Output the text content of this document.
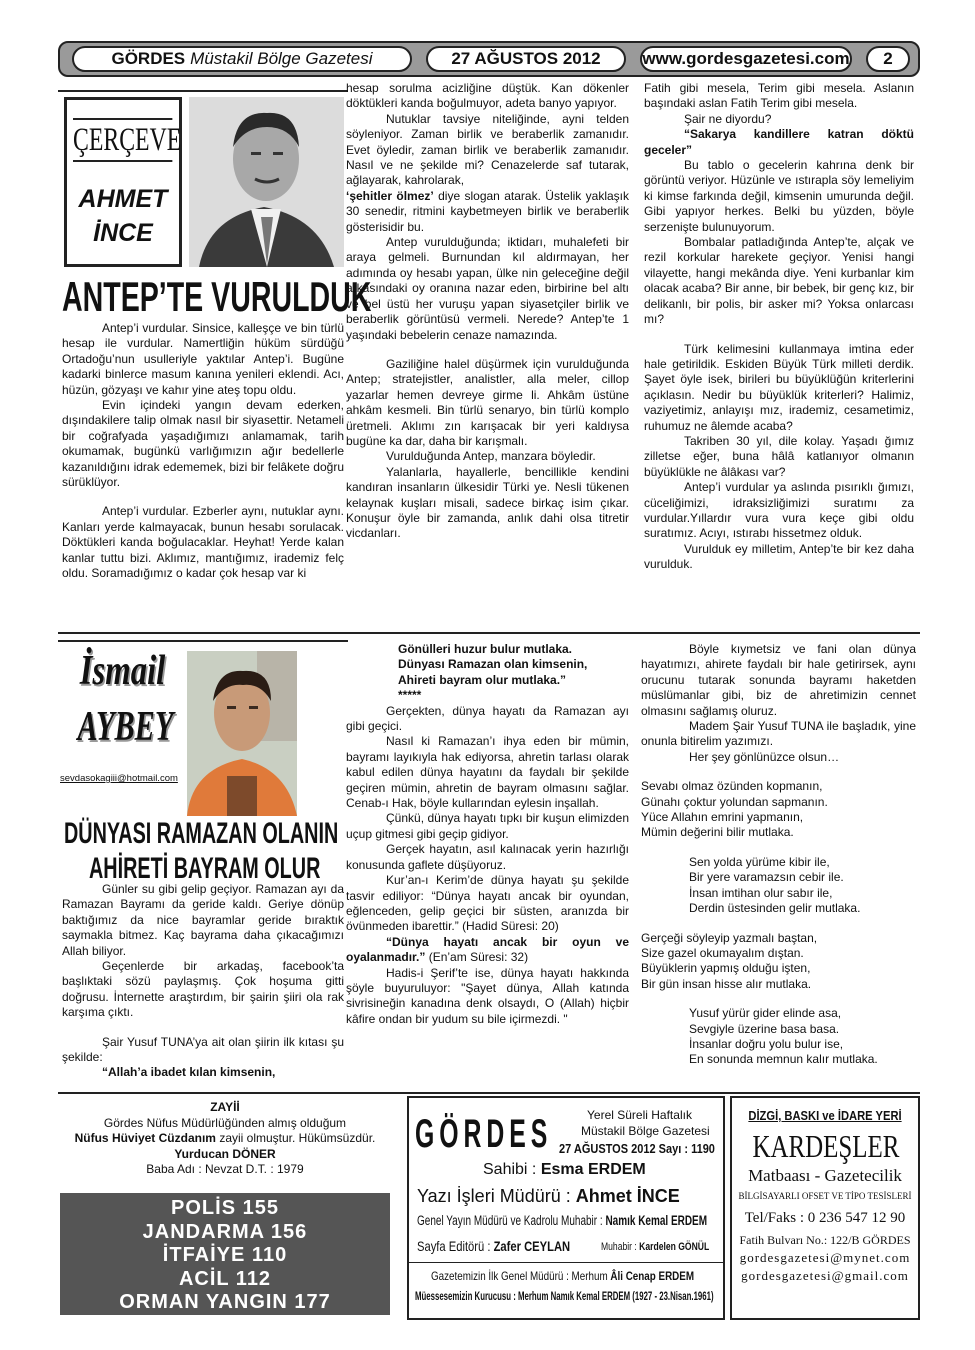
GÖRDES Müstakil Bölge Gazetesi	27 AĞUSTOS 2012 www.gordesgazetesi.com 2
ÇERÇEVE
AHMET
İNCE
ANTEP’TE VURULDUK

Antep’i vurdular. Sinsice, kalleşçe ve bin türlü hesap ile vurdular. Namertliğin hüküm sürdüğü Ortadoğu’nun usulleriyle yaktılar Antep’i. Bugüne kadarki binlerce masum kanına yenileri eklendi. Acı, hüzün, gözyaşı ve kahır yine ateş topu oldu.

Evin içindeki yangın devam ederken, dışındakilere talip olmak nasıl bir siyasettir. Netameli bir coğrafyada yaşadığımızı anlamamak, tarih okumamak, bugünkü varlığımızın ağır bedellerle kazanıldığını idrak edememek, bizi bir felâkete doğru sürüklüyor.

Antep’i vurdular. Ezberler aynı, nutuklar aynı. Kanları yerde kalmayacak, bunun hesabı sorulacak. Döktükleri kanda boğulacaklar. Heyhat! Yerde kalan kanlar tuttu bizi. Aklımız, mantığımız, irademiz felç oldu. Soramadığımız o kadar çok hesap var ki

hesap sorulma acizliğine düştük. Kan dökenler döktükleri kanda boğulmuyor, adeta banyo yapıyor.

Nutuklar tavsiye niteliğinde, ayni telden söyleniyor. Zaman birlik ve beraberlik zamanıdır. Evet öyledir, zaman birlik ve beraberlik zamanıdır. Nasıl ve ne şekilde mi? Cenazelerde saf tutarak, ağlayarak, kahrolarak,

‘şehitler ölmez’ diye slogan atarak. Üstelik yaklaşık 30 senedir, ritmini kaybetmeyen birlik ve beraberlik gösterisidir bu.

Antep vurulduğunda; iktidarı, muhalefeti bir araya gelmeli. Burnundan kıl aldırmayan, her adımında oy hesabı yapan, ülke nin geleceğine değil arkasındaki oy oranına nazar eden, birbirine bel altı ve bel üstü her vuruşu yapan siyasetçiler birlik ve beraberlik görüntüsü vermeli. Nerede? Antep’te 1 yaşındaki bebelerin cenaze namazında.

Gaziliğine halel düşürmek için vurulduğunda Antep; stratejistler, analistler, alla meler, cillop yazarlar hemen devreye girme li. Ahkâm üstüne ahkâm kesmeli. Bin türlü senaryo, bin türlü komplo üretmeli. Aklımı zın karışacak bir yeri kaldıysa bugüne ka dar, daha bir karışmalı.

Vurulduğunda Antep, manzara böyledir.

Yalanlarla, hayallerle, bencillikle kendini kandıran insanların ülkesidir Türki ye. Nesli tükenen kelaynak kuşları misali, sadece birkaç isim çıkar. Konuşur öyle bir zamanda, anlık dahi olsa titretir vicdanları.

Fatih gibi mesela, Terim gibi mesela. Aslanın başındaki aslan Fatih Terim gibi mesela.

Şair ne diyordu?

“Sakarya kandillere katran döktü geceler”

Bu tablo o gecelerin kahrına denk bir görüntü veriyor. Hüzünle ve ıstırapla söy lemeliyim ki kimse farkında değil, kimsenin umurunda değil. Gibi yapıyor herkes. Belki bu yüzden, böyle serzenişte bulunuyorum.

Bombalar patladığında Antep’te, alçak ve rezil korkular harekete geçiyor. Yenisi hangi vilayette, hangi mekânda diye. Yeni kurbanlar kim olacak acaba? Bir anne, bir bebek, bir genç kız, bir delikanlı, bir polis, bir asker mi? Yoksa onlarcası mı?

Türk kelimesini kullanmaya imtina eder hale getirildik. Eskiden Büyük Türk milleti derdik. Şayet öyle isek, birileri bu büyüklüğün kriterlerini açıklasın. Nedir bu büyüklük kriterleri? Halimiz, vaziyetimiz, anlayışı mız, irademiz, cesametimiz, ruhumuz ne âlemde acaba?

Takriben 30 yıl, dile kolay. Yaşadı ğımız zilletse eğer, buna hâlâ katlanıyor olmanın büyüklükle ne âlâkası var?

Antep’i vurdular ya aslında pısırıklı ğımızı, cüceliğimizi, idraksizliğimizi suratımı za vurdular.Yıllardır vura vura keçe gibi oldu suratımız. Acıyı, ıstırabı hissetmez olduk.

Vurulduk ey milletim, Antep’te bir kez daha vurulduk.

İsmail
AYBEY
sevdasokagiii@hotmail.com
DÜNYASI RAMAZAN OLANIN
AHİRETİ BAYRAM OLUR

Günler su gibi gelip geçiyor. Ramazan ayı da Ramazan Bayramı da geride kaldı. Geriye dönüp baktığımız da nice bayramlar geride bıraktık saymakla bitmez. Kaç bayrama daha çıkacağımızı Allah biliyor.

Geçenlerde bir arkadaş, facebook’ta başlıktaki sözü paylaşmış. Çok hoşuma gitti doğrusu. İnternette araştırdım, bir şairin şiiri ola rak karşıma çıktı.

Şair Yusuf TUNA’ya ait olan şiirin ilk kıtası şu şekilde:

“Allah’a ibadet kılan kimsenin,

Gönülleri huzur bulur mutlaka.

Dünyası Ramazan olan kimsenin,

Ahireti bayram olur mutlaka.”

*****

Gerçekten, dünya hayatı da Ramazan ayı gibi geçici.

Nasıl ki Ramazan’ı ihya eden bir mümin, bayramı layıkıyla hak ediyorsa, ahretin tarlası olarak kabul edilen dünya hayatını da faydalı bir şekilde geçiren mümin, ahretin de bayram olmasını sağlar. Cenab-ı Hak, böyle kullarından eylesin inşallah.

Çünkü, dünya hayatı tıpkı bir kuşun elimizden uçup gitmesi gibi geçip gidiyor.

Gerçek hayatın, asıl kalınacak yerin hazırlığı konusunda gaflete düşüyoruz.

Kur’an-ı Kerim’de dünya hayatı şu şekilde tasvir ediliyor: “Dünya hayatı ancak bir oyundan, eğlenceden, gelip geçici bir süsten, aranızda bir övünmeden ibarettir.” (Hadid Süresi: 20)

“Dünya hayatı ancak bir oyun ve oyalanmadır.” (En’am Süresi: 32)

Hadis-i Şerif’te ise, dünya hayatı hakkında şöyle buyuruluyor: "Şayet dünya, Allah katında sivrisineğin kanadına denk olsaydı, O (Allah) hiçbir kâfire ondan bir yudum su bile içirmezdi. "

Böyle kıymetsiz ve fani olan dünya hayatımızı, ahirete faydalı bir hale getirirsek, aynı orucunu tutarak sonunda bayramı haketden müslümanlar gibi, biz de ahretimizin cennet olmasını sağlamış oluruz.

Madem Şair Yusuf TUNA ile başladık, yine onunla bitirelim yazımızı.

Her şey gönlünüzce olsun…

Sevabı olmaz özünden kopmanın,

Günahı çoktur yolundan sapmanın.

Yüce Allahın emrini yapmanın,

Mümin değerini bilir mutlaka.

Sen yolda yürüme kibir ile,

Bir yere varamazsın cebir ile.

İnsan imtihan olur sabır ile,

Derdin üstesinden gelir mutlaka.

Gerçeği söyleyip yazmalı baştan,

Size gazel okumayalım dıştan.

Büyüklerin yapmış olduğu işten,

Bir gün insan hisse alır mutlaka.

Yusuf yürür gider elinde asa,

Sevgiyle üzerine basa basa.

İnsanlar doğru yolu bulur ise,

En sonunda memnun kalır mutlaka.

ZAYİİ
Gördes Nüfus Müdürlüğünden almış olduğum
Nüfus Hüviyet Cüzdanım zayii olmuştur. Hükümsüzdür.
Yurducan DÖNER
Baba Adı : Nevzat D.T. : 1979
POLİS 155
JANDARMA 156
İTFAİYE 110
ACİL 112
ORMAN YANGIN 177
GÖRDES	Yerel Süreli Haftalık
Müstakil Bölge Gazetesi
27 AĞUSTOS 2012 Sayı : 1190
Sahibi : Esma ERDEM
Yazı İşleri Müdürü : Ahmet İNCE
Genel Yayın Müdürü ve Kadrolu Muhabir : Namık Kemal ERDEM
Sayfa Editörü : Zafer CEYLAN	Muhabir : Kardelen GÖNÜL
Gazetemizin İlk Genel Müdürü : Merhum Âli Cenap ERDEM
Müessesemizin Kurucusu : Merhum Namık Kemal ERDEM (1927 - 23.Nisan.1961)
DİZGİ, BASKI ve İDARE YERİ
KARDEŞLER
Matbaası - Gazetecilik
BİLGİSAYARLI OFSET VE TİPO TESİSLERİ
Tel/Faks : 0 236 547 12 90
Fatih Bulvarı No.: 122/B GÖRDES
gordesgazetesi@mynet.com
gordesgazetesi@gmail.com
